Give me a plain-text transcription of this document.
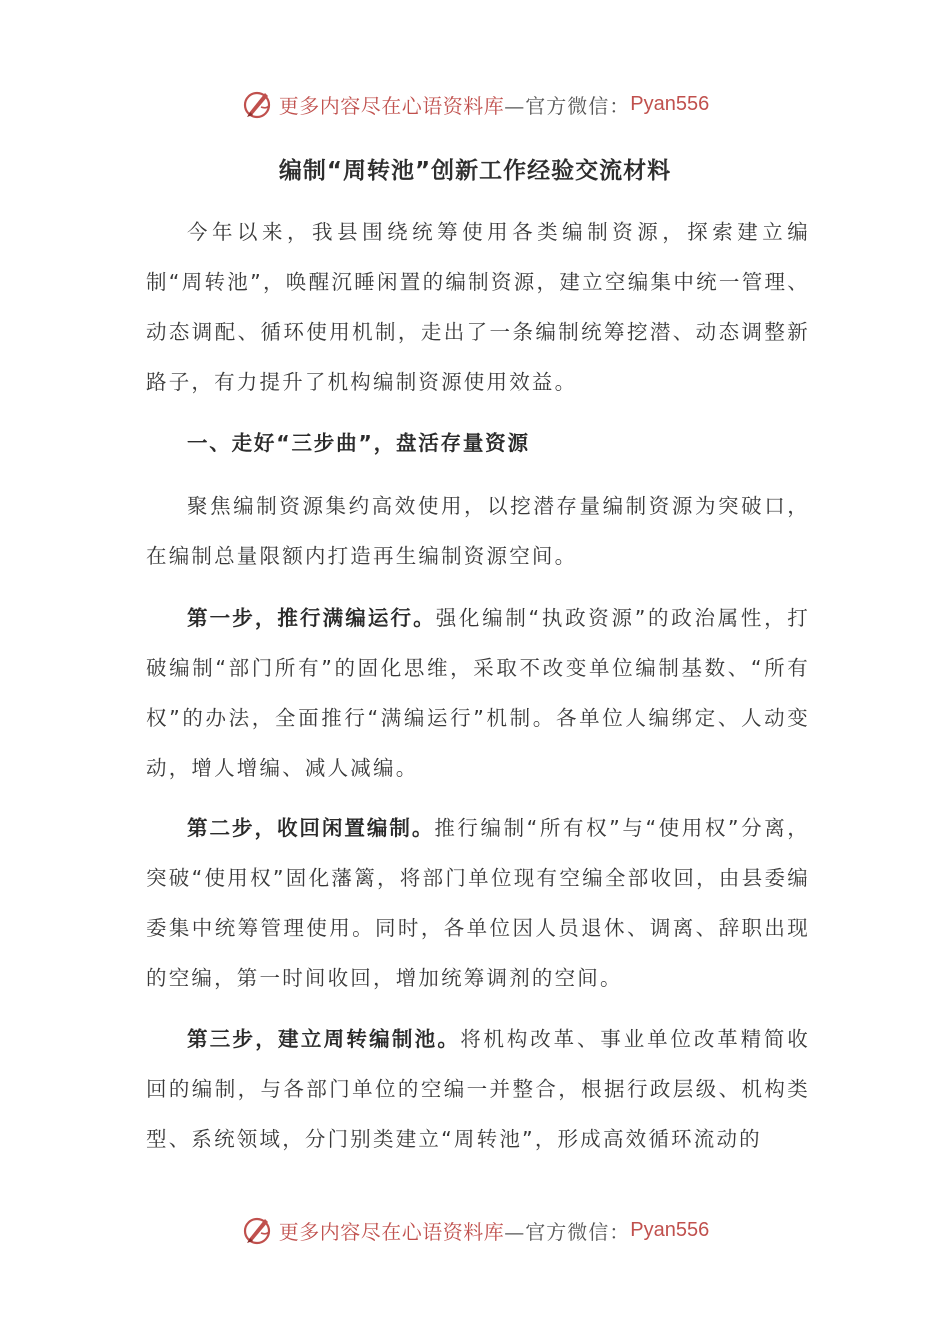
更多内容尽在心语资料库 —官方微信： Pyan556
编制“周转池”创新工作经验交流材料

今年以来，我县围绕统筹使用各类编制资源，探索建立编制“周转池”，唤醒沉睡闲置的编制资源，建立空编集中统一管理、动态调配、循环使用机制，走出了一条编制统筹挖潜、动态调整新路子，有力提升了机构编制资源使用效益。

一、走好“三步曲”，盘活存量资源

聚焦编制资源集约高效使用，以挖潜存量编制资源为突破口，在编制总量限额内打造再生编制资源空间。

第一步，推行满编运行。强化编制“执政资源”的政治属性，打破编制“部门所有”的固化思维，采取不改变单位编制基数、“所有权”的办法，全面推行“满编运行”机制。各单位人编绑定、人动变动，增人增编、减人减编。

第二步，收回闲置编制。推行编制“所有权”与“使用权”分离，突破“使用权”固化藩篱，将部门单位现有空编全部收回，由县委编委集中统筹管理使用。同时，各单位因人员退休、调离、辞职出现的空编，第一时间收回，增加统筹调剂的空间。

第三步，建立周转编制池。将机构改革、事业单位改革精简收回的编制，与各部门单位的空编一并整合，根据行政层级、机构类型、系统领域，分门别类建立“周转池”，形成高效循环流动的

更多内容尽在心语资料库 —官方微信： Pyan556
